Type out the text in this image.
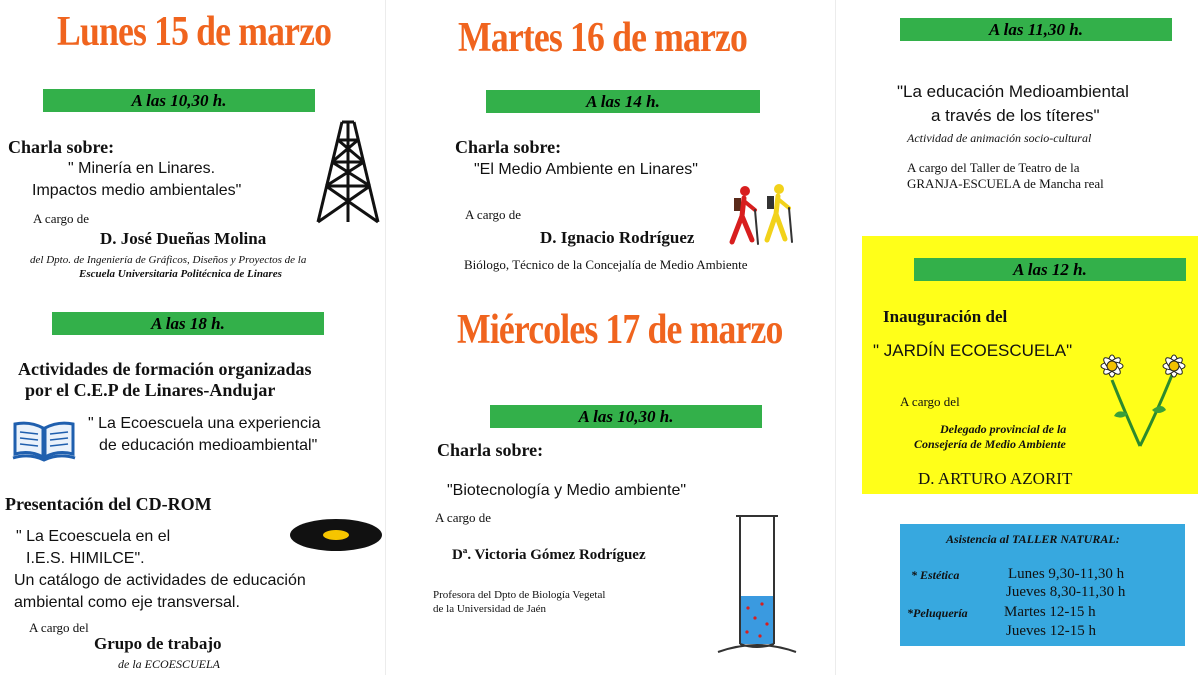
Lunes 15 de marzo
A las 10,30 h.
Charla sobre:
" Minería en Linares.
Impactos medio ambientales"
A cargo de
D. José Dueñas Molina
del Dpto. de Ingeniería de Gráficos, Diseños y Proyectos de la
Escuela Universitaria Politécnica de Linares
A las 18 h.
Actividades de formación organizadas
por el C.E.P de Linares-Andujar
" La Ecoescuela una experiencia
de educación medioambiental"
Presentación del CD-ROM
" La Ecoescuela en el
I.E.S. HIMILCE".
Un catálogo de actividades de educación
ambiental como eje transversal.
A cargo del
Grupo de trabajo
de la ECOESCUELA
Martes 16 de marzo
A las 14 h.
Charla sobre:
"El Medio Ambiente en Linares"
A cargo de
D. Ignacio Rodríguez
Biólogo, Técnico de la Concejalía de Medio Ambiente
Miércoles 17 de marzo
A las 10,30 h.
Charla sobre:
"Biotecnología y Medio ambiente"
A cargo de
Dª. Victoria Gómez Rodríguez
Profesora del Dpto de Biología Vegetal
de la Universidad de Jaén
A las 11,30 h.
"La educación Medioambiental
a través de los títeres"
Actividad de animación socio-cultural
A cargo del Taller de Teatro de la
GRANJA-ESCUELA de Mancha real
A las 12 h.
Inauguración del
" JARDÍN ECOESCUELA"
A cargo del
Delegado provincial de la
Consejería de Medio Ambiente
D. ARTURO AZORIT
Asistencia al TALLER NATURAL:
* Estética	Lunes 9,30-11,30 h
Jueves 8,30-11,30 h
*Peluquería Martes 12-15 h
Jueves 12-15 h
